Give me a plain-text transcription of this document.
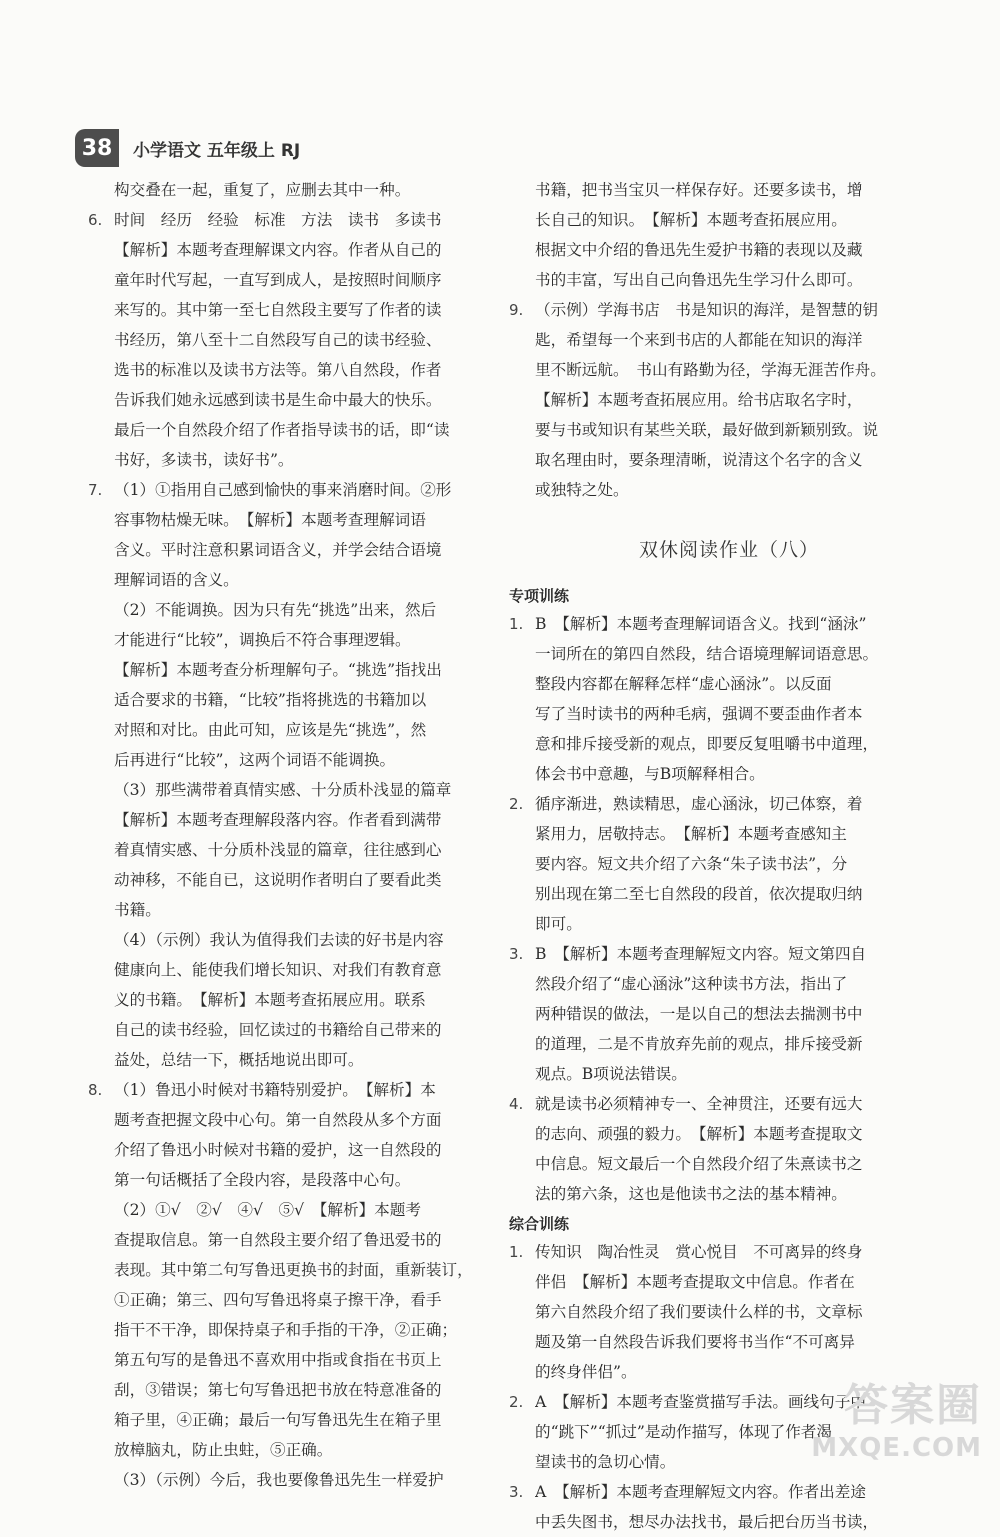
38	小学语文 五年级上 RJ
构交叠在一起，重复了，应删去其中一种。
6. 时间　经历　经验　标准　方法　读书　多读书
【解析】本题考查理解课文内容。作者从自己的
童年时代写起，一直写到成人，是按照时间顺序
来写的。其中第一至七自然段主要写了作者的读
书经历，第八至十二自然段写自己的读书经验、
选书的标准以及读书方法等。第八自然段，作者
告诉我们她永远感到读书是生命中最大的快乐。
最后一个自然段介绍了作者指导读书的话，即“读
书好，多读书，读好书”。
7. （1）①指用自己感到愉快的事来消磨时间。②形
容事物枯燥无味。　【解析】本题考查理解词语
含义。平时注意积累词语含义，并学会结合语境
理解词语的含义。
（2）不能调换。因为只有先“挑选”出来，然后
才能进行“比较”，调换后不符合事理逻辑。
【解析】本题考查分析理解句子。“挑选”指找出
适合要求的书籍，“比较”指将挑选的书籍加以
对照和对比。由此可知，应该是先“挑选”，然
后再进行“比较”，这两个词语不能调换。
（3）那些满带着真情实感、十分质朴浅显的篇章
【解析】本题考查理解段落内容。作者看到满带
着真情实感、十分质朴浅显的篇章，往往感到心
动神移，不能自已，这说明作者明白了要看此类
书籍。
（4）（示例）我认为值得我们去读的好书是内容
健康向上、能使我们增长知识、对我们有教育意
义的书籍。　【解析】本题考查拓展应用。联系
自己的读书经验，回忆读过的书籍给自己带来的
益处，总结一下，概括地说出即可。
8. （1）鲁迅小时候对书籍特别爱护。　【解析】本
题考查把握文段中心句。第一自然段从多个方面
介绍了鲁迅小时候对书籍的爱护，这一自然段的
第一句话概括了全段内容，是段落中心句。
（2）①√　②√　④√　⑤√　【解析】本题考
查提取信息。第一自然段主要介绍了鲁迅爱书的
表现。其中第二句写鲁迅更换书的封面，重新装订，
①正确；第三、四句写鲁迅将桌子擦干净，看手
指干不干净，即保持桌子和手指的干净，②正确；
第五句写的是鲁迅不喜欢用中指或食指在书页上
刮，③错误；第七句写鲁迅把书放在特意准备的
箱子里，④正确；最后一句写鲁迅先生在箱子里
放樟脑丸，防止虫蛀，⑤正确。
（3）（示例）今后，我也要像鲁迅先生一样爱护
书籍，把书当宝贝一样保存好。还要多读书，增
长自己的知识。　【解析】本题考查拓展应用。
根据文中介绍的鲁迅先生爱护书籍的表现以及藏
书的丰富，写出自己向鲁迅先生学习什么即可。
9. （示例）学海书店　书是知识的海洋，是智慧的钥
匙，希望每一个来到书店的人都能在知识的海洋
里不断远航。　书山有路勤为径，学海无涯苦作舟。
【解析】本题考查拓展应用。给书店取名字时，
要与书或知识有某些关联，最好做到新颖别致。说
取名理由时，要条理清晰，说清这个名字的含义
或独特之处。
双休阅读作业（八）
专项训练
1. B　【解析】本题考查理解词语含义。找到“涵泳”
一词所在的第四自然段，结合语境理解词语意思。
整段内容都在解释怎样“虚心涵泳”。以反面
写了当时读书的两种毛病，强调不要歪曲作者本
意和排斥接受新的观点，即要反复咀嚼书中道理，
体会书中意趣，与B项解释相合。
2. 循序渐进，熟读精思，虚心涵泳，切己体察，着
紧用力，居敬持志。　【解析】本题考查感知主
要内容。短文共介绍了六条“朱子读书法”，分
别出现在第二至七自然段的段首，依次提取归纳
即可。
3. B　【解析】本题考查理解短文内容。短文第四自
然段介绍了“虚心涵泳”这种读书方法，指出了
两种错误的做法，一是以自己的想法去揣测书中
的道理，二是不肯放弃先前的观点，排斥接受新
观点。B项说法错误。
4. 就是读书必须精神专一、全神贯注，还要有远大
的志向、顽强的毅力。　【解析】本题考查提取文
中信息。短文最后一个自然段介绍了朱熹读书之
法的第六条，这也是他读书之法的基本精神。
综合训练
1. 传知识　陶冶性灵　赏心悦目　不可离异的终身
伴侣　【解析】本题考查提取文中信息。作者在
第六自然段介绍了我们要读什么样的书，文章标
题及第一自然段告诉我们要将书当作“不可离异
的终身伴侣”。
2. A　【解析】本题考查鉴赏描写手法。画线句子中
的“跳下”“抓过”是动作描写，体现了作者渴
望读书的急切心情。
3. A　【解析】本题考查理解短文内容。作者出差途
中丢失图书，想尽办法找书，最后把台历当书读，
答案圈
MXQE.COM
